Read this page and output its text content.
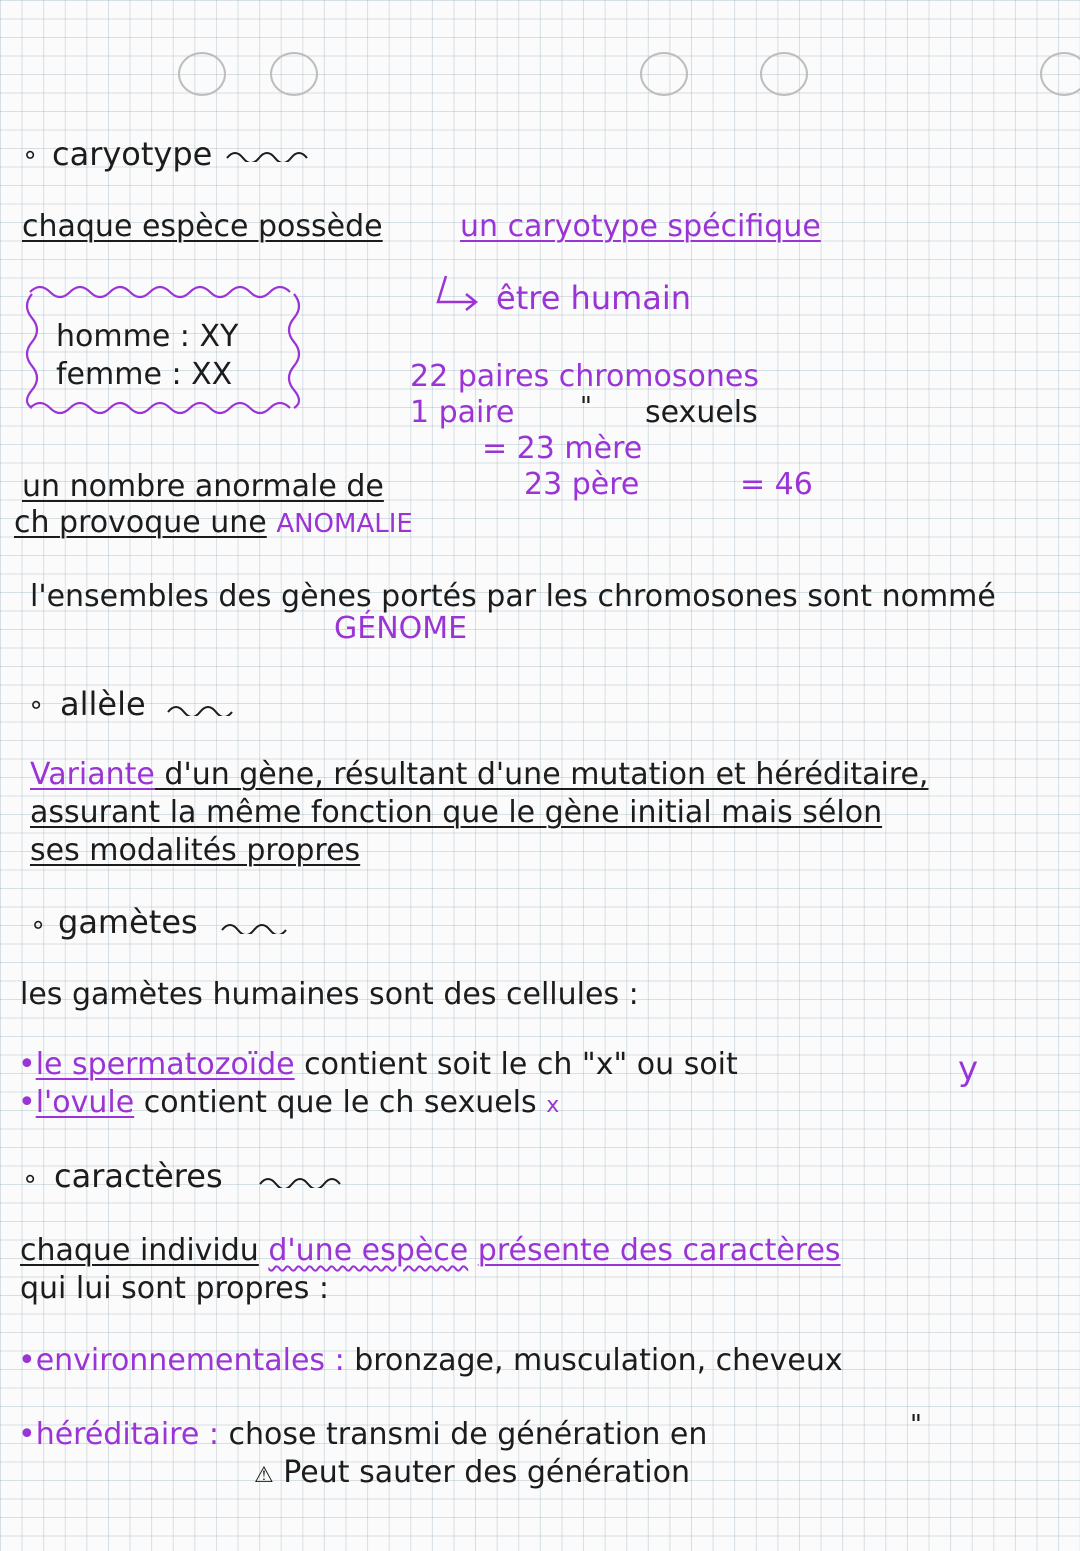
∘ caryotype
chaque espèce possède	un caryotype spécifique
être humain
homme : XY
femme : XX	22 paires chromosones
1 paire	" sexuels
= 23 mère
23 père	= 46
un nombre anormale de
ch provoque une ANOMALIE
l'ensembles des gènes portés par les chromosones sont nommé
GÉNOME
∘ allèle
Variante d'un gène, résultant d'une mutation et héréditaire,
assurant la même fonction que le gène initial mais sélon
ses modalités propres
∘ gamètes
les gamètes humaines sont des cellules :
•le spermatozoïde contient soit le ch "x" ou soit	y
•l'ovule contient que le ch sexuels x
∘ caractères
chaque individu d'une espèce présente des caractères
qui lui sont propres :
•environnementales : bronzage, musculation, cheveux
•héréditaire : chose transmi de génération en	"
⚠ Peut sauter des génération
